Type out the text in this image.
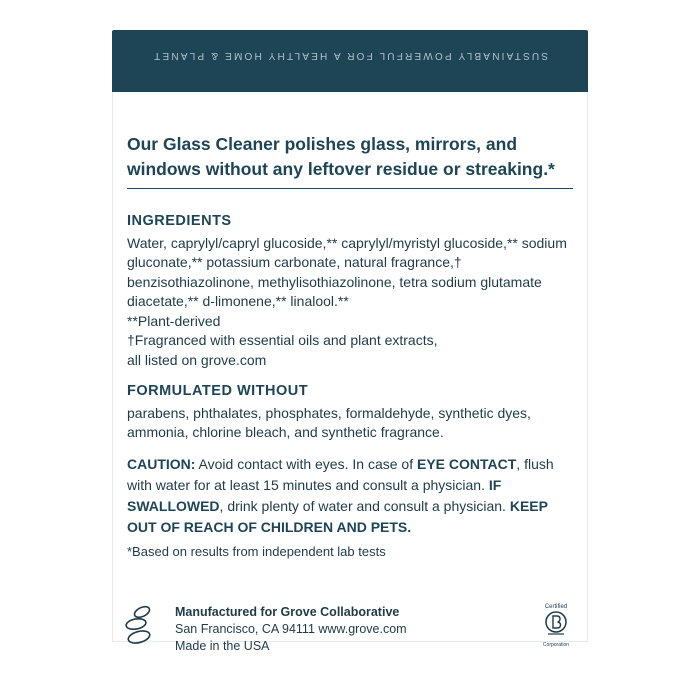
SUSTAINABLY POWERFUL FOR A HEALTHY HOME & PLANET
Our Glass Cleaner polishes glass, mirrors, and windows without any leftover residue or streaking.*
INGREDIENTS

Water, caprylyl/capryl glucoside,** caprylyl/myristyl glucoside,** sodium gluconate,** potassium carbonate, natural fragrance,† benzisothiazolinone, methylisothiazolinone, tetra sodium glutamate diacetate,** d-limonene,** linalool.**

**Plant-derived

†Fragranced with essential oils and plant extracts,
all listed on grove.com

FORMULATED WITHOUT

parabens, phthalates, phosphates, formaldehyde, synthetic dyes, ammonia, chlorine bleach, and synthetic fragrance.

CAUTION: Avoid contact with eyes. In case of EYE CONTACT, flush with water for at least 15 minutes and consult a physician. IF SWALLOWED, drink plenty of water and consult a physician. KEEP OUT OF REACH OF CHILDREN AND PETS.

*Based on results from independent lab tests
Manufactured for Grove Collaborative
San Francisco, CA 94111 www.grove.com
Made in the USA
Certified
Corporation
